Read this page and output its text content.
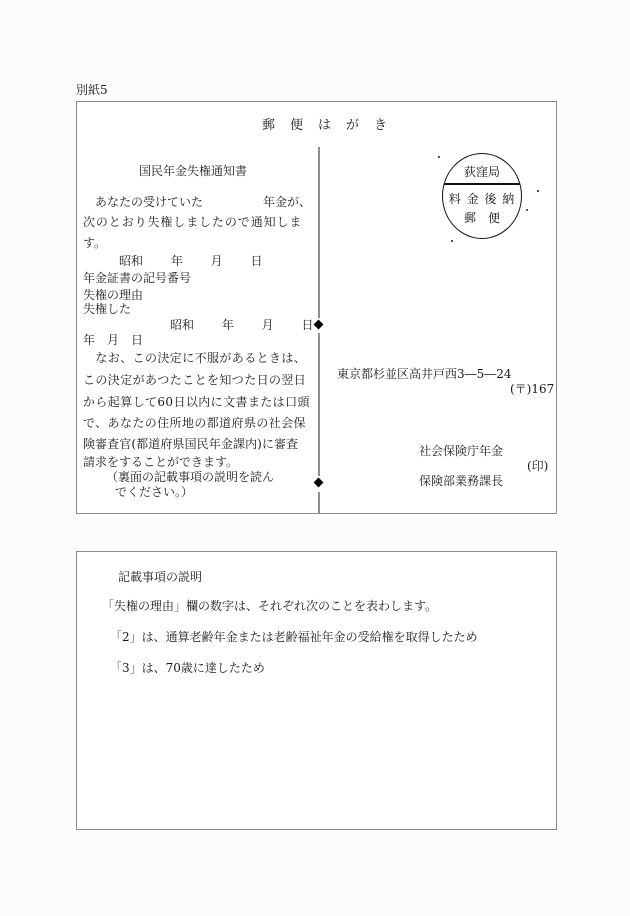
別紙5
郵　便　は　が　き
国民年金失権通知書
　あなたの受けていた　　　　　年金が、
次のとおり失権しましたので通知しま
す。
　　　昭和　　 年　　 月　　 日
年金証書の記号番号
失権の理由
失権した
昭和　　 年　　 月　　 日
年　月　日
　なお、この決定に不服があるときは、
この決定があつたことを知つた日の翌日
から起算して60日以内に文書または口頭
で、あなたの住所地の都道府県の社会保
険審査官(都道府県国民年金課内)に審査
請求をすることができます。
（裏面の記載事項の説明を読ん
でください。）
荻窪局
料 金 後 納
郵　便
東京都杉並区高井戸西3―5―24
(〒)167
社会保険庁年金
(印)
保険部業務課長
記載事項の説明
「失権の理由」欄の数字は、それぞれ次のことを表わします。
「2」は、通算老齢年金または老齢福祉年金の受給権を取得したため
「3」は、70歳に達したため
